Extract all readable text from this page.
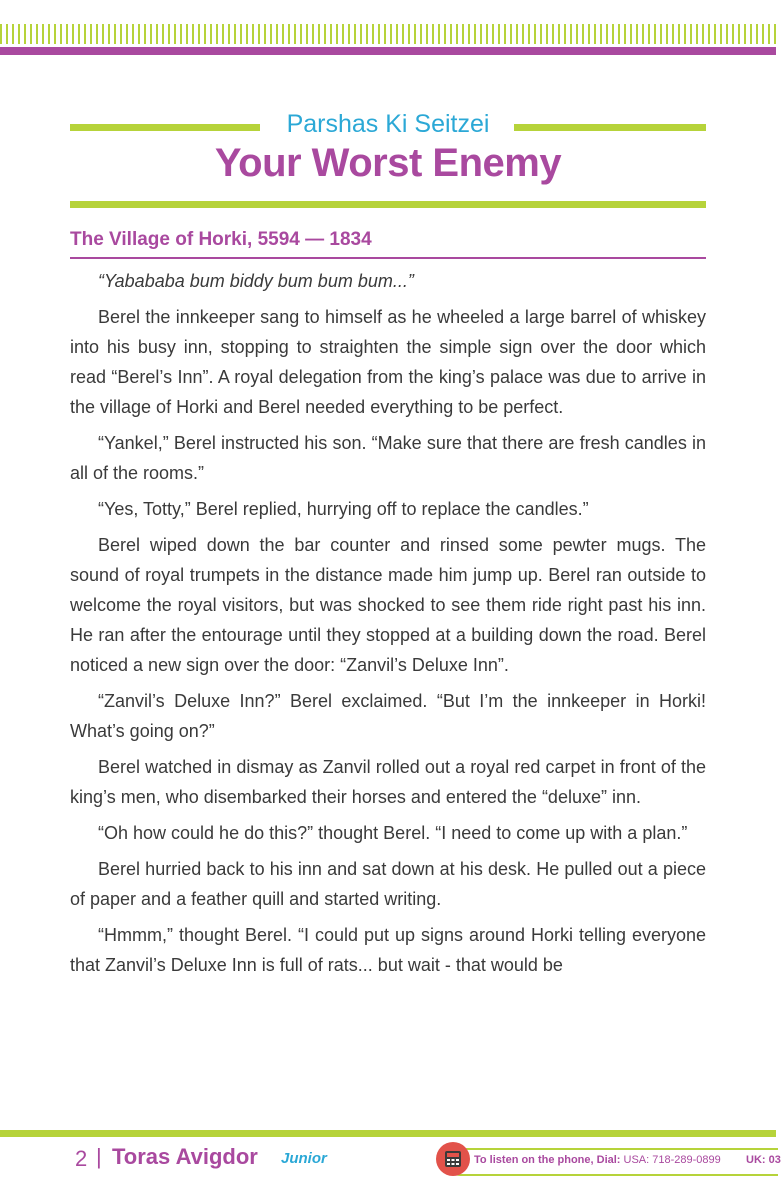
Parshas Ki Seitzei
Your Worst Enemy
The Village of Horki, 5594 — 1834

“Yabababa bum biddy bum bum bum...”

Berel the innkeeper sang to himself as he wheeled a large barrel of whiskey into his busy inn, stopping to straighten the simple sign over the door which read “Berel’s Inn”. A royal delegation from the king’s palace was due to arrive in the village of Horki and Berel needed everything to be perfect.

“Yankel,” Berel instructed his son. “Make sure that there are fresh candles in all of the rooms.”

“Yes, Totty,” Berel replied, hurrying off to replace the candles.”

Berel wiped down the bar counter and rinsed some pewter mugs. The sound of royal trumpets in the distance made him jump up. Berel ran outside to welcome the royal visitors, but was shocked to see them ride right past his inn. He ran after the entourage until they stopped at a building down the road. Berel noticed a new sign over the door: “Zanvil’s Deluxe Inn”.

“Zanvil’s Deluxe Inn?” Berel exclaimed. “But I’m the innkeeper in Horki! What’s going on?”

Berel watched in dismay as Zanvil rolled out a royal red carpet in front of the king’s men, who disembarked their horses and entered the “deluxe” inn.

“Oh how could he do this?” thought Berel. “I need to come up with a plan.”

Berel hurried back to his inn and sat down at his desk. He pulled out a piece of paper and a feather quill and started writing.

“Hmmm,” thought Berel. “I could put up signs around Horki telling everyone that Zanvil’s Deluxe Inn is full of rats... but wait - that would be

2 | Toras Avigdor Junior	To listen on the phone, Dial: USA: 718-289-0899 UK: 03
